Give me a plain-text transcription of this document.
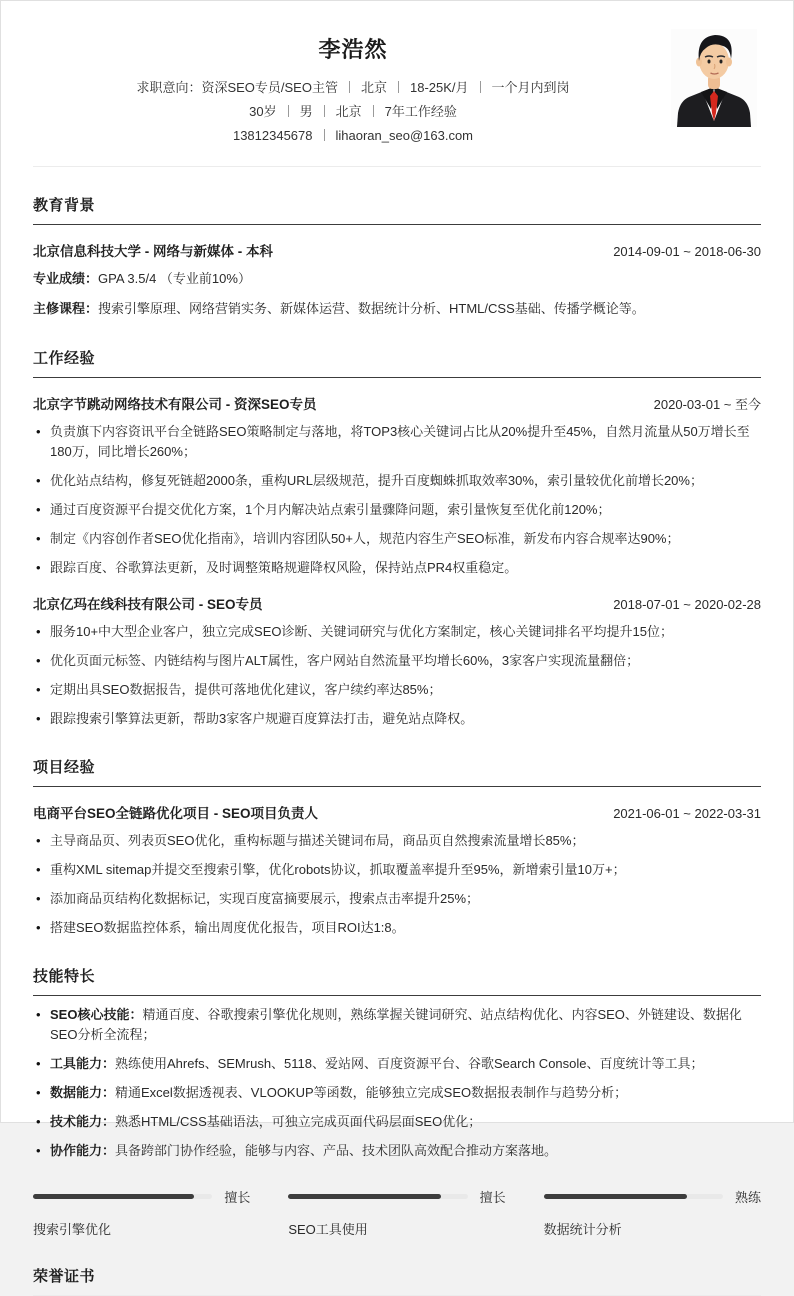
李浩然
求职意向：资深SEO专员/SEO主管 北京 18-25K/月 一个月内到岗
30岁 男 北京 7年工作经验
13812345678 lihaoran_seo@163.com
教育背景
北京信息科技大学 - 网络与新媒体 - 本科	2014-09-01 ~ 2018-06-30
专业成绩：GPA 3.5/4 （专业前10%）
主修课程：搜索引擎原理、网络营销实务、新媒体运营、数据统计分析、HTML/CSS基础、传播学概论等。
工作经验
北京字节跳动网络技术有限公司 - 资深SEO专员	2020-03-01 ~ 至今
• 负责旗下内容资讯平台全链路SEO策略制定与落地，将TOP3核心关键词占比从20%提升至45%，自然月流量从50万增长至180万，同比增长260%；
• 优化站点结构，修复死链超2000条，重构URL层级规范，提升百度蜘蛛抓取效率30%，索引量较优化前增长20%；
• 通过百度资源平台提交优化方案，1个月内解决站点索引量骤降问题，索引量恢复至优化前120%；
• 制定《内容创作者SEO优化指南》，培训内容团队50+人，规范内容生产SEO标准，新发布内容合规率达90%；
• 跟踪百度、谷歌算法更新，及时调整策略规避降权风险，保持站点PR4权重稳定。
北京亿玛在线科技有限公司 - SEO专员	2018-07-01 ~ 2020-02-28
• 服务10+中大型企业客户，独立完成SEO诊断、关键词研究与优化方案制定，核心关键词排名平均提升15位；
• 优化页面元标签、内链结构与图片ALT属性，客户网站自然流量平均增长60%，3家客户实现流量翻倍；
• 定期出具SEO数据报告，提供可落地优化建议，客户续约率达85%；
• 跟踪搜索引擎算法更新，帮助3家客户规避百度算法打击，避免站点降权。
项目经验
电商平台SEO全链路优化项目 - SEO项目负责人	2021-06-01 ~ 2022-03-31
• 主导商品页、列表页SEO优化，重构标题与描述关键词布局，商品页自然搜索流量增长85%；
• 重构XML sitemap并提交至搜索引擎，优化robots协议，抓取覆盖率提升至95%，新增索引量10万+；
• 添加商品页结构化数据标记，实现百度富摘要展示，搜索点击率提升25%；
• 搭建SEO数据监控体系，输出周度优化报告，项目ROI达1:8。
技能特长
• SEO核心技能：精通百度、谷歌搜索引擎优化规则，熟练掌握关键词研究、站点结构优化、内容SEO、外链建设、数据化SEO分析全流程；
• 工具能力：熟练使用Ahrefs、SEMrush、5118、爱站网、百度资源平台、谷歌Search Console、百度统计等工具；
• 数据能力：精通Excel数据透视表、VLOOKUP等函数，能够独立完成SEO数据报表制作与趋势分析；
• 技术能力：熟悉HTML/CSS基础语法，可独立完成页面代码层面SEO优化；
• 协作能力：具备跨部门协作经验，能够与内容、产品、技术团队高效配合推动方案落地。
擅长
搜索引擎优化
擅长
SEO工具使用
熟练
数据统计分析
荣誉证书
